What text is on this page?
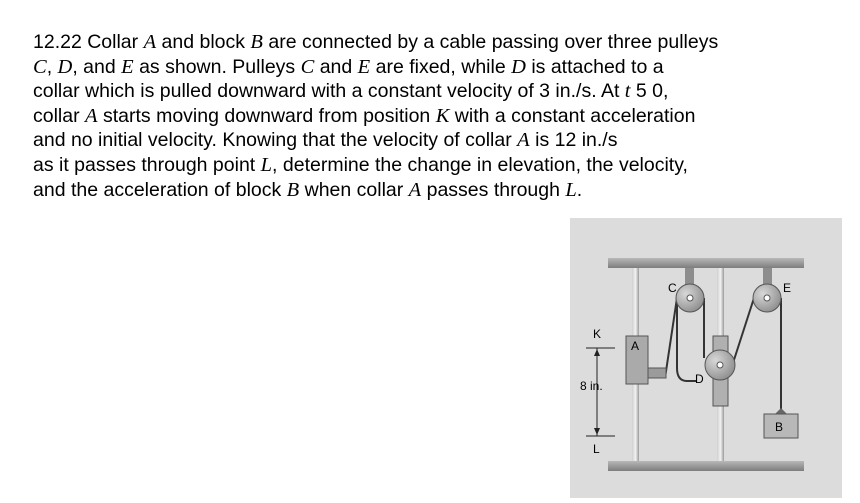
12.22 Collar A and block B are connected by a cable passing over three pulleys
C, D, and E as shown. Pulleys C and E are fixed, while D is attached to a
collar which is pulled downward with a constant velocity of 3 in./s. At t 5 0,
collar A starts moving downward from position K with a constant acceleration
and no initial velocity. Knowing that the velocity of collar A is 12 in./s
as it passes through point L, determine the change in elevation, the velocity,
and the acceleration of block B when collar A passes through L.
C	E
D
A
B
K
L
8 in.
